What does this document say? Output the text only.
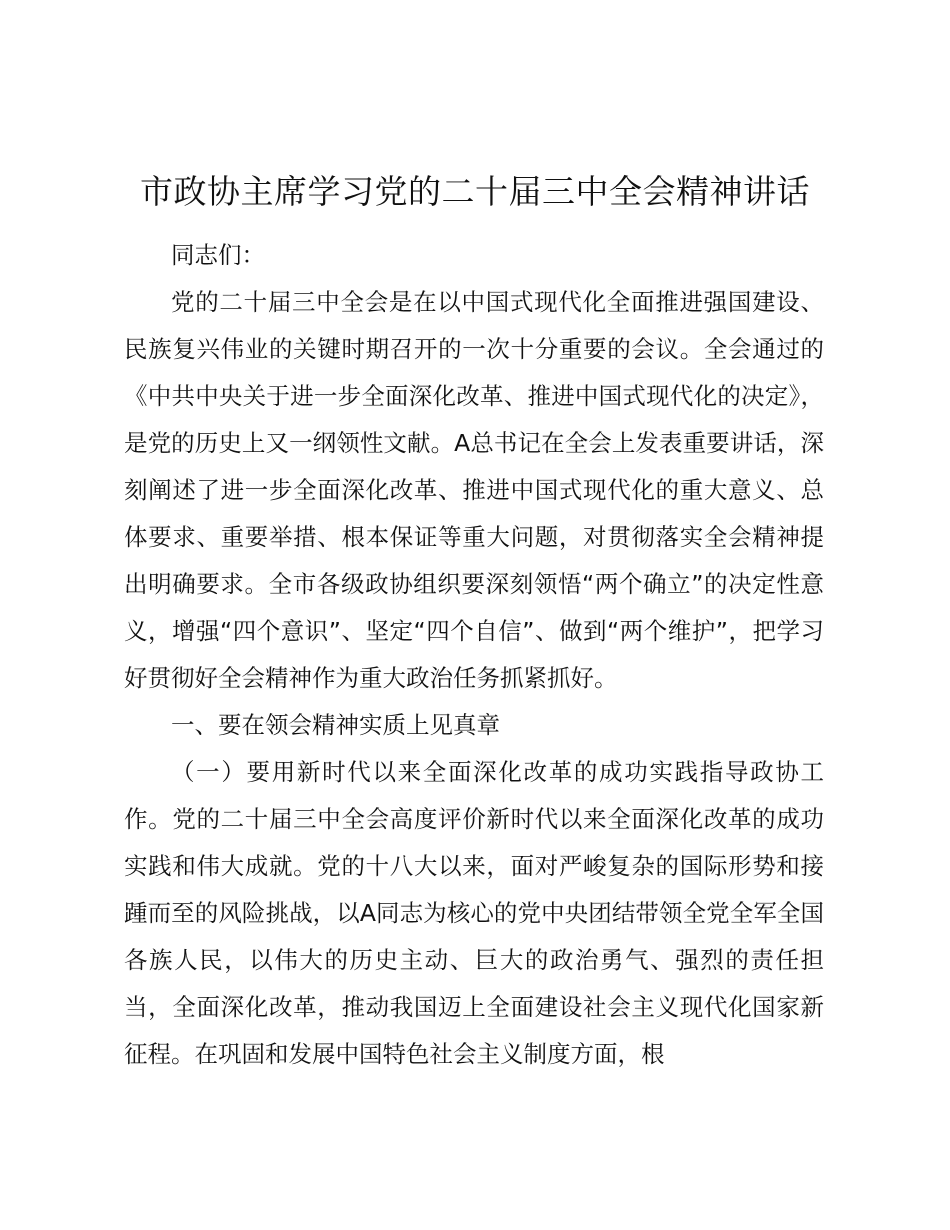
市政协主席学习党的二十届三中全会精神讲话

同志们：

党的二十届三中全会是在以中国式现代化全面推进强国建设、民族复兴伟业的关键时期召开的一次十分重要的会议。全会通过的《中共中央关于进一步全面深化改革、推进中国式现代化的决定》，是党的历史上又一纲领性文献。A总书记在全会上发表重要讲话，深刻阐述了进一步全面深化改革、推进中国式现代化的重大意义、总体要求、重要举措、根本保证等重大问题，对贯彻落实全会精神提出明确要求。全市各级政协组织要深刻领悟“两个确立”的决定性意义，增强“四个意识”、坚定“四个自信”、做到“两个维护”，把学习好贯彻好全会精神作为重大政治任务抓紧抓好。

一、要在领会精神实质上见真章

（一）要用新时代以来全面深化改革的成功实践指导政协工作。党的二十届三中全会高度评价新时代以来全面深化改革的成功实践和伟大成就。党的十八大以来，面对严峻复杂的国际形势和接踵而至的风险挑战，以A同志为核心的党中央团结带领全党全军全国各族人民，以伟大的历史主动、巨大的政治勇气、强烈的责任担当，全面深化改革，推动我国迈上全面建设社会主义现代化国家新征程。在巩固和发展中国特色社会主义制度方面，根
